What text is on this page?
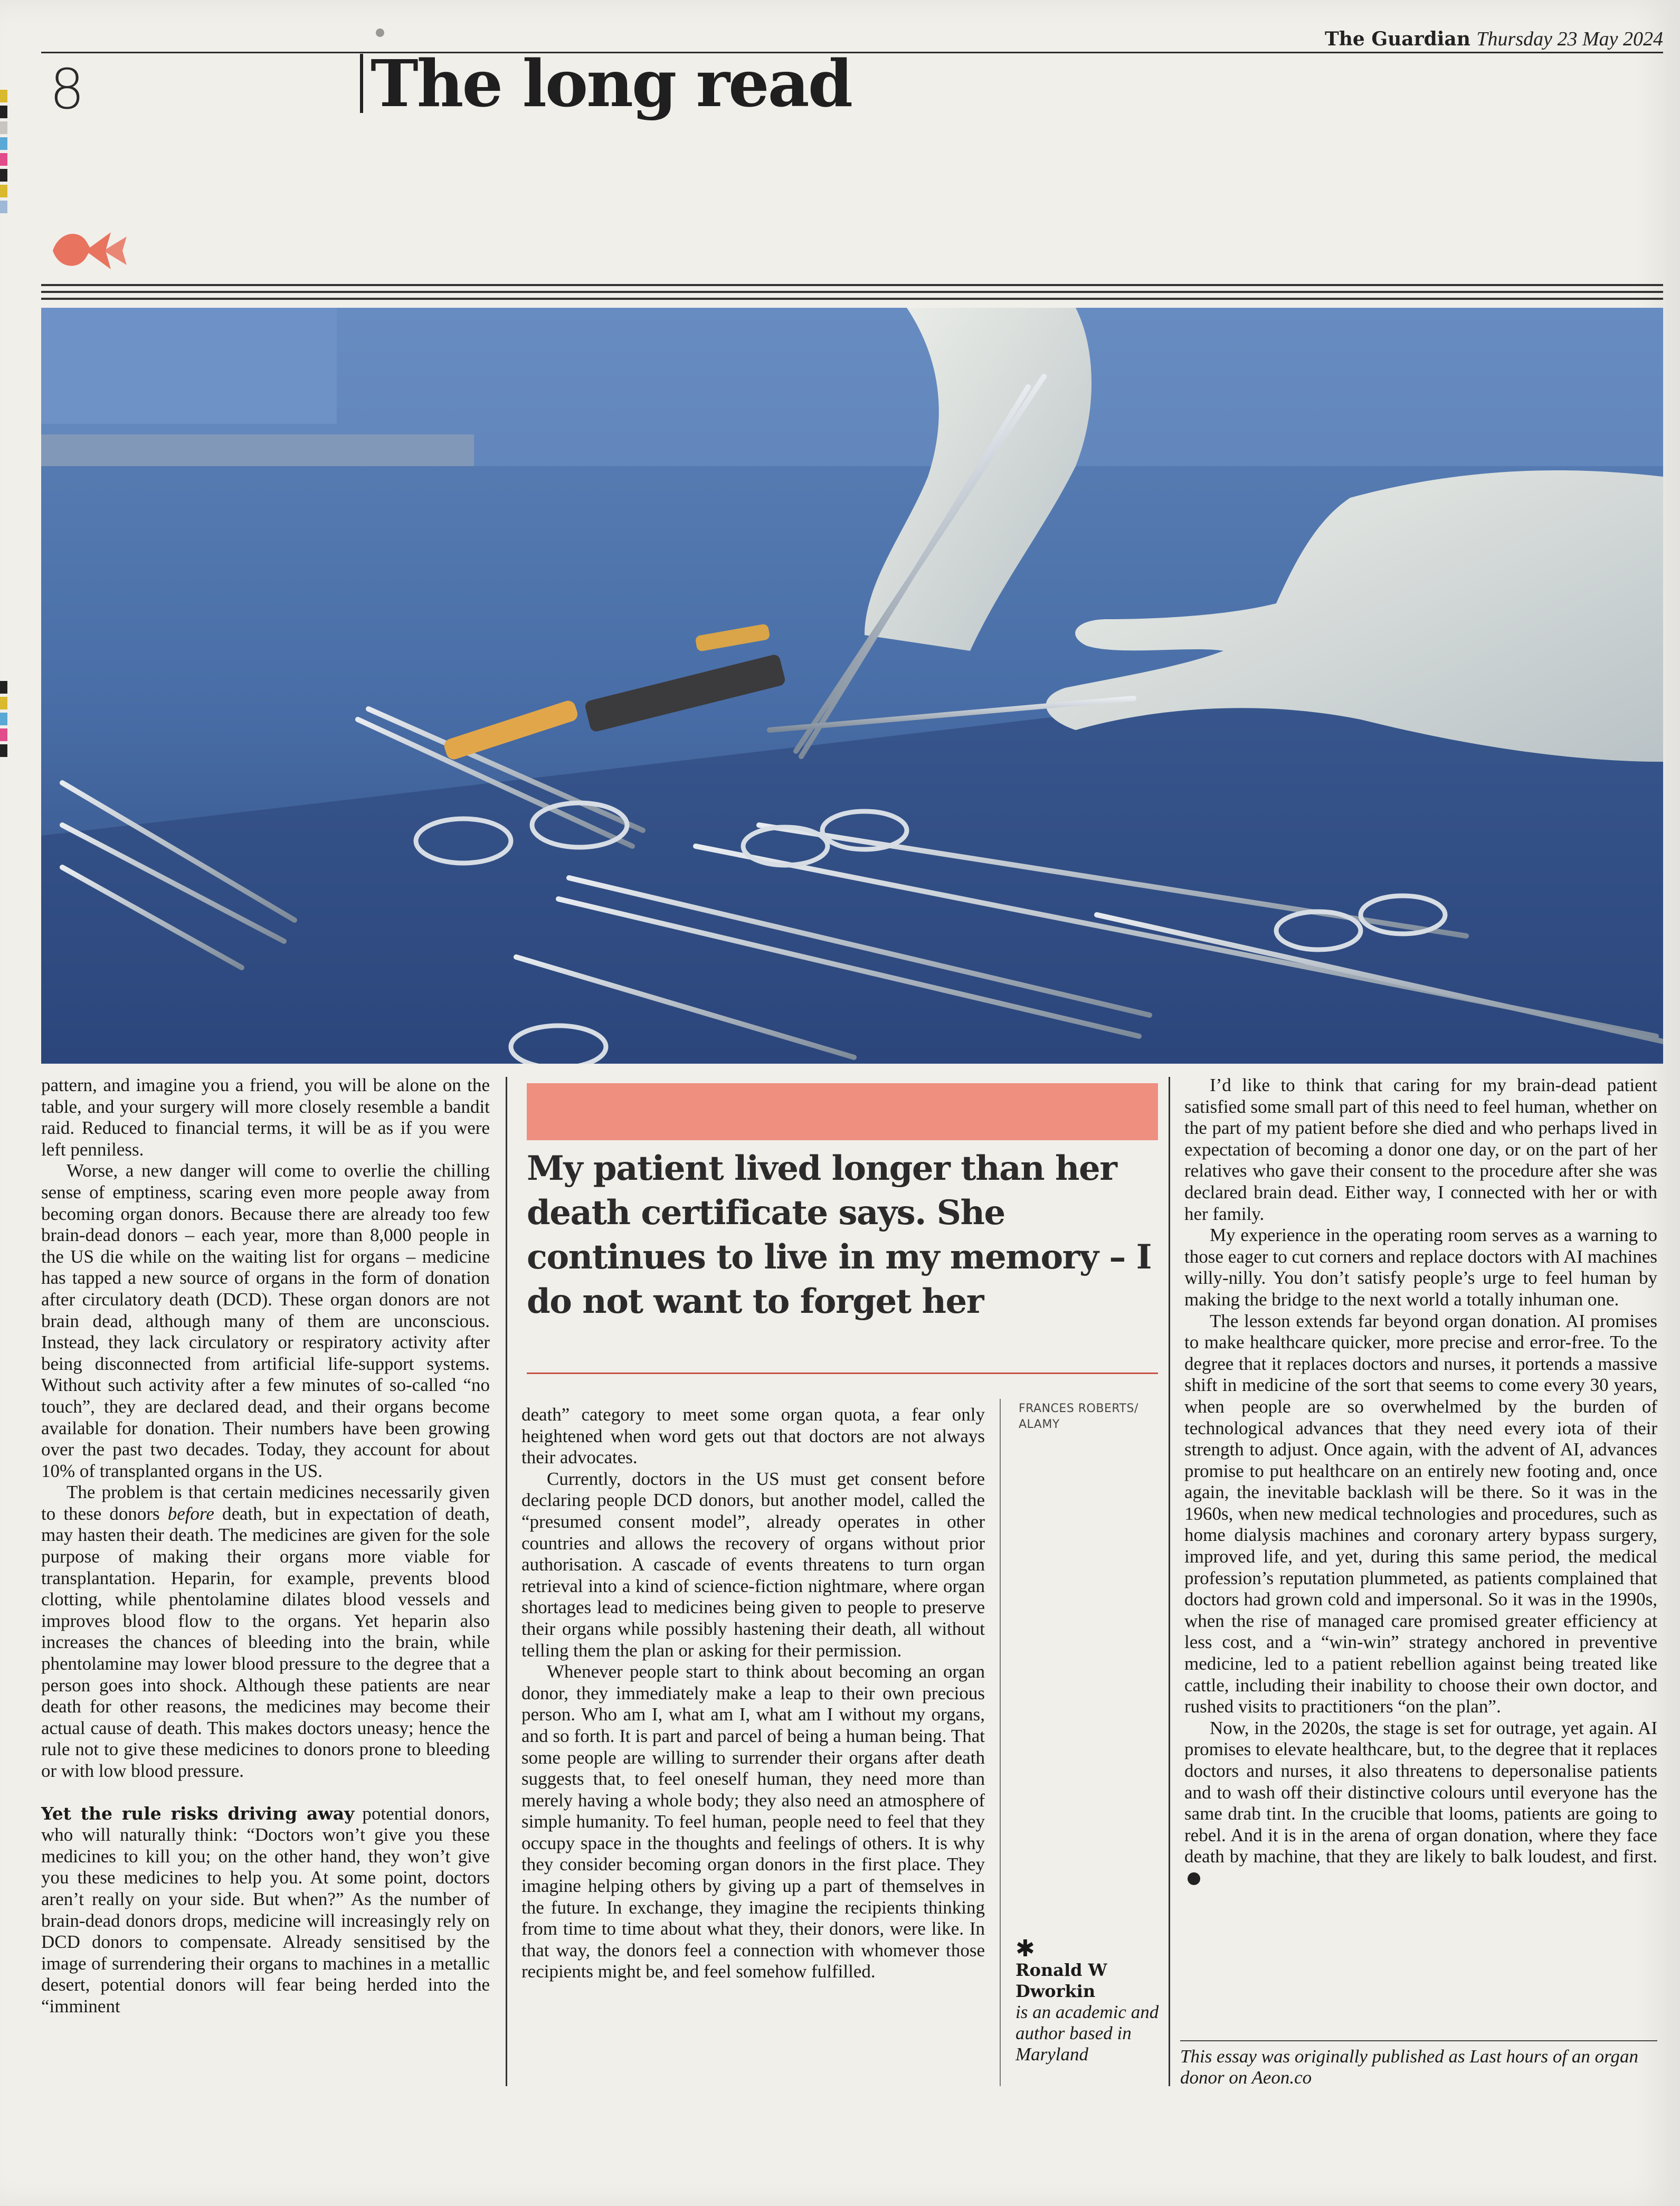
The Guardian Thursday 23 May 2024
8	The long read

pattern, and imagine you a friend, you will be alone on the table, and your surgery will more closely resemble a bandit raid. Reduced to financial terms, it will be as if you were left penniless.

Worse, a new danger will come to overlie the chilling sense of emptiness, scaring even more people away from becoming organ donors. Because there are already too few brain-dead donors – each year, more than 8,000 people in the US die while on the waiting list for organs – medicine has tapped a new source of organs in the form of donation after circulatory death (DCD). These organ donors are not brain dead, although many of them are unconscious. Instead, they lack circulatory or respiratory activity after being disconnected from artificial life-support systems. Without such activity after a few minutes of so-called “no touch”, they are declared dead, and their organs become available for donation. Their numbers have been growing over the past two decades. Today, they account for about 10% of transplanted organs in the US.

The problem is that certain medicines necessarily given to these donors before death, but in expectation of death, may hasten their death. The medicines are given for the sole purpose of making their organs more viable for transplantation. Heparin, for example, prevents blood clotting, while phentolamine dilates blood vessels and improves blood flow to the organs. Yet heparin also increases the chances of bleeding into the brain, while phentolamine may lower blood pressure to the degree that a person goes into shock. Although these patients are near death for other reasons, the medicines may become their actual cause of death. This makes doctors uneasy; hence the rule not to give these medicines to donors prone to bleeding or with low blood pressure.

Yet the rule risks driving away potential donors, who will naturally think: “Doctors won’t give you these medicines to kill you; on the other hand, they won’t give you these medicines to help you. At some point, doctors aren’t really on your side. But when?” As the number of brain-dead donors drops, medicine will increasingly rely on DCD donors to compensate. Already sensitised by the image of surrendering their organs to machines in a metallic desert, potential donors will fear being herded into the “imminent

My patient lived longer than her death certificate says. She continues to live in my memory – I do not want to forget her

death” category to meet some organ quota, a fear only heightened when word gets out that doctors are not always their advocates.

Currently, doctors in the US must get consent before declaring people DCD donors, but another model, called the “presumed consent model”, already operates in other countries and allows the recovery of organs without prior authorisation. A cascade of events threatens to turn organ retrieval into a kind of science-fiction nightmare, where organ shortages lead to medicines being given to people to preserve their organs while possibly hastening their death, all without telling them the plan or asking for their permission.

Whenever people start to think about becoming an organ donor, they immediately make a leap to their own precious person. Who am I, what am I, what am I without my organs, and so forth. It is part and parcel of being a human being. That some people are willing to surrender their organs after death suggests that, to feel oneself human, they need more than merely having a whole body; they also need an atmosphere of simple humanity. To feel human, people need to feel that they occupy space in the thoughts and feelings of others. It is why they consider becoming organ donors in the first place. They imagine helping others by giving up a part of themselves in the future. In exchange, they imagine the recipients thinking from time to time about what they, their donors, were like. In that way, the donors feel a connection with whomever those recipients might be, and feel somehow fulfilled.

FRANCES ROBERTS/ ALAMY
✱
Ronald W Dworkin
is an academic and author based in Maryland

I’d like to think that caring for my brain-dead patient satisfied some small part of this need to feel human, whether on the part of my patient before she died and who perhaps lived in expectation of becoming a donor one day, or on the part of her relatives who gave their consent to the procedure after she was declared brain dead. Either way, I connected with her or with her family.

My experience in the operating room serves as a warning to those eager to cut corners and replace doctors with AI machines willy-nilly. You don’t satisfy people’s urge to feel human by making the bridge to the next world a totally inhuman one.

The lesson extends far beyond organ donation. AI promises to make healthcare quicker, more precise and error-free. To the degree that it replaces doctors and nurses, it portends a massive shift in medicine of the sort that seems to come every 30 years, when people are so overwhelmed by the burden of technological advances that they need every iota of their strength to adjust. Once again, with the advent of AI, advances promise to put healthcare on an entirely new footing and, once again, the inevitable backlash will be there. So it was in the 1960s, when new medical technologies and procedures, such as home dialysis machines and coronary artery bypass surgery, improved life, and yet, during this same period, the medical profession’s reputation plummeted, as patients complained that doctors had grown cold and impersonal. So it was in the 1990s, when the rise of managed care promised greater efficiency at less cost, and a “win-win” strategy anchored in preventive medicine, led to a patient rebellion against being treated like cattle, including their inability to choose their own doctor, and rushed visits to practitioners “on the plan”.

Now, in the 2020s, the stage is set for outrage, yet again. AI promises to elevate healthcare, but, to the degree that it replaces doctors and nurses, it also threatens to depersonalise patients and to wash off their distinctive colours until everyone has the same drab tint. In the crucible that looms, patients are going to rebel. And it is in the arena of organ donation, where they face death by machine, that they are likely to balk loudest, and first.

This essay was originally published as Last hours of an organ donor on Aeon.co
